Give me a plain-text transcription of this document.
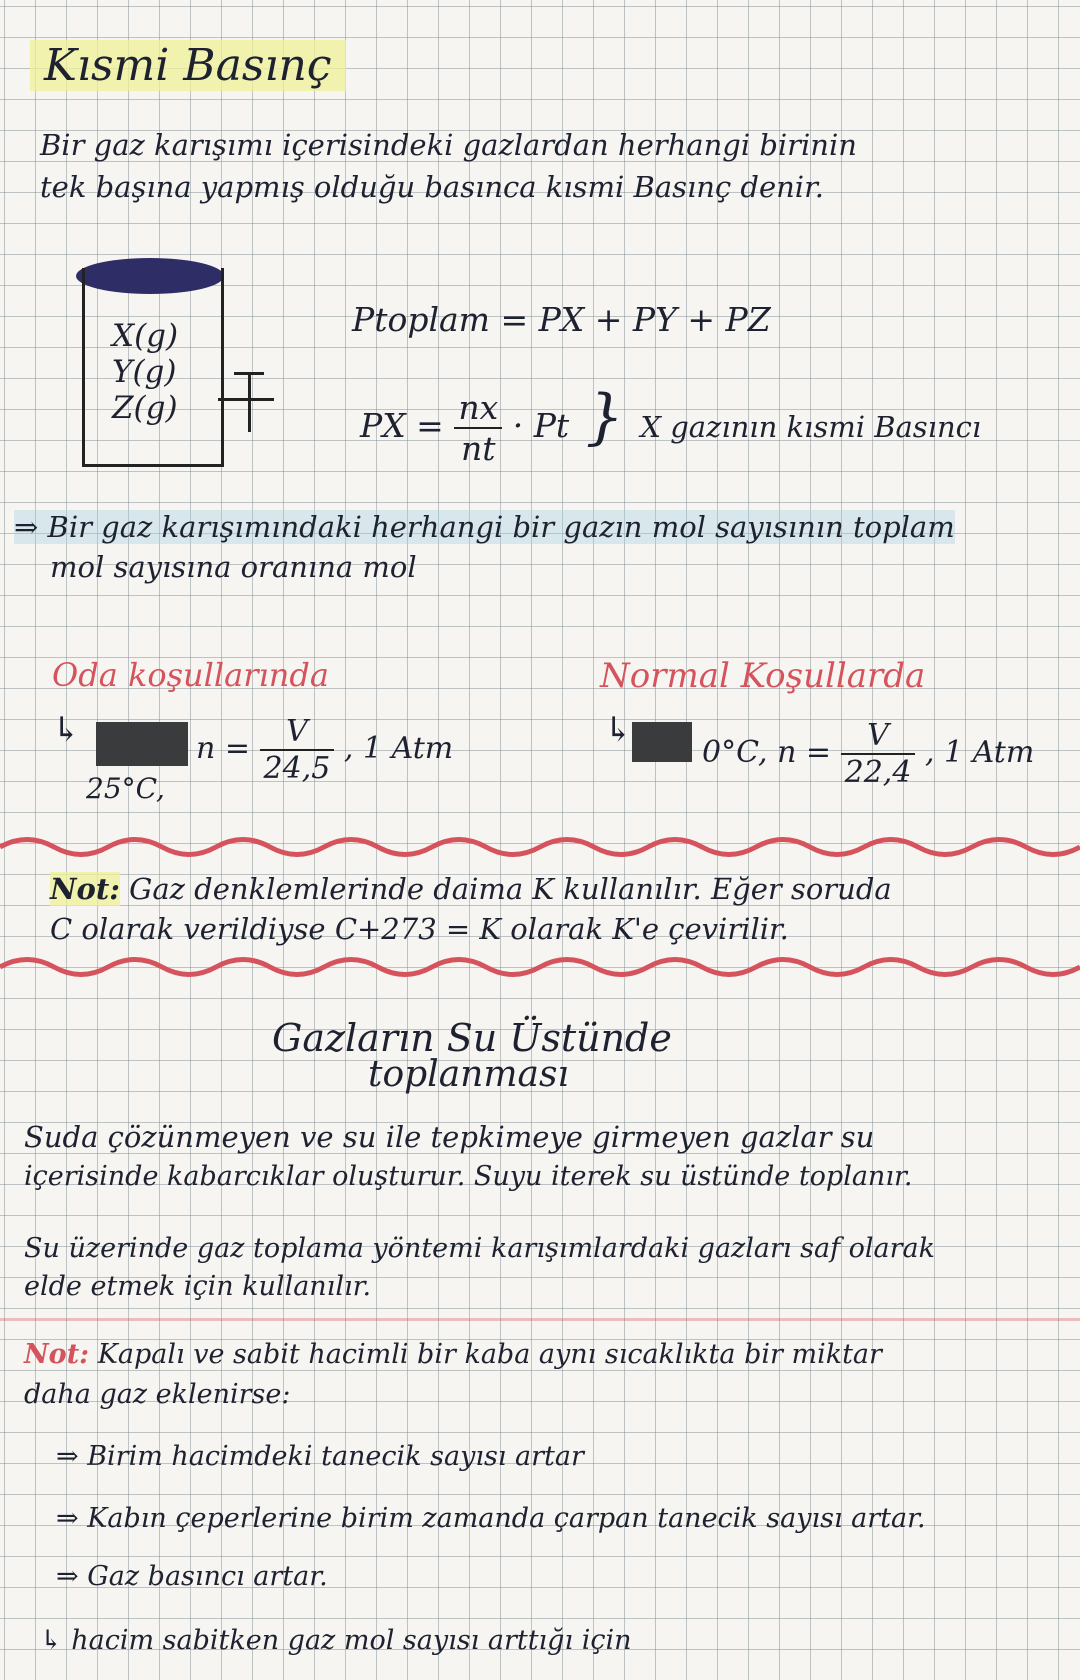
Kısmi Basınç
Bir gaz karışımı içerisindeki gazlardan herhangi birinin
tek başına yapmış olduğu basınca kısmi Basınç denir.
X(g)
Y(g)
Z(g)
Ptoplam = PX + PY + PZ
PX = $\frac{nx}{nt} \cdot Pt$ } X gazının kısmi Basıncı
⇒ Bir gaz karışımındaki herhangi bir gazın mol sayısının toplam
mol sayısına oranına mol
Oda koşullarında
↳
25°C,
$n = \frac{V}{24,5}$ , 1 Atm
Normal Koşullarda
↳
0°C, $n = \frac{V}{22,4}$ , 1 Atm
Not: Gaz denklemlerinde daima K kullanılır. Eğer soruda
C olarak verildiyse C+273 = K olarak K'e çevirilir.
Gazların Su Üstünde
toplanması
Suda çözünmeyen ve su ile tepkimeye girmeyen gazlar su
içerisinde kabarcıklar oluşturur. Suyu iterek su üstünde toplanır.
Su üzerinde gaz toplama yöntemi karışımlardaki gazları saf olarak
elde etmek için kullanılır.
Not: Kapalı ve sabit hacimli bir kaba aynı sıcaklıkta bir miktar
daha gaz eklenirse:
⇒ Birim hacimdeki tanecik sayısı artar
⇒ Kabın çeperlerine birim zamanda çarpan tanecik sayısı artar.
⇒ Gaz basıncı artar.
↳ hacim sabitken gaz mol sayısı arttığı için
